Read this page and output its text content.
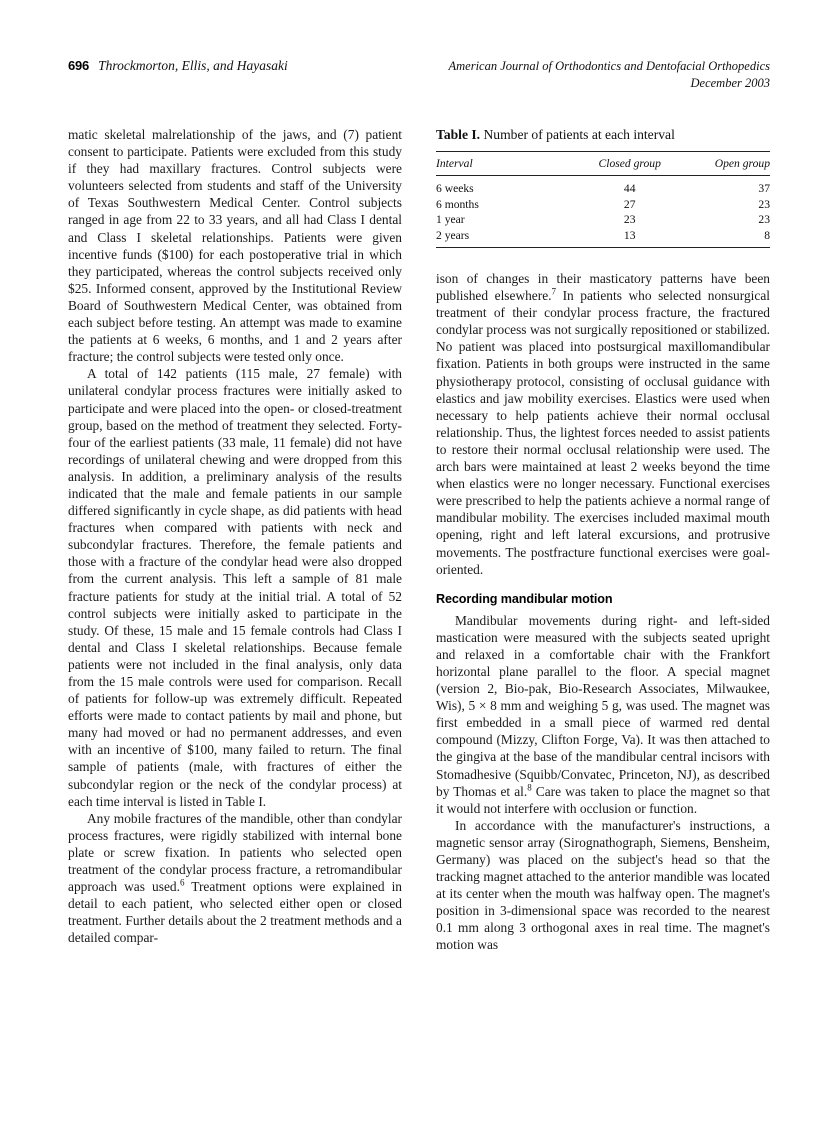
696 Throckmorton, Ellis, and Hayasaki	American Journal of Orthodontics and Dentofacial Orthopedics
December 2003

matic skeletal malrelationship of the jaws, and (7) patient consent to participate. Patients were excluded from this study if they had maxillary fractures. Control subjects were volunteers selected from students and staff of the University of Texas Southwestern Medical Center. Control subjects ranged in age from 22 to 33 years, and all had Class I dental and Class I skeletal relationships. Patients were given incentive funds ($100) for each postoperative trial in which they participated, whereas the control subjects received only $25. Informed consent, approved by the Institutional Review Board of Southwestern Medical Center, was obtained from each subject before testing. An attempt was made to examine the patients at 6 weeks, 6 months, and 1 and 2 years after fracture; the control subjects were tested only once.

A total of 142 patients (115 male, 27 female) with unilateral condylar process fractures were initially asked to participate and were placed into the open- or closed-treatment group, based on the method of treatment they selected. Forty-four of the earliest patients (33 male, 11 female) did not have recordings of unilateral chewing and were dropped from this analysis. In addition, a preliminary analysis of the results indicated that the male and female patients in our sample differed significantly in cycle shape, as did patients with head fractures when compared with patients with neck and subcondylar fractures. Therefore, the female patients and those with a fracture of the condylar head were also dropped from the current analysis. This left a sample of 81 male fracture patients for study at the initial trial. A total of 52 control subjects were initially asked to participate in the study. Of these, 15 male and 15 female controls had Class I dental and Class I skeletal relationships. Because female patients were not included in the final analysis, only data from the 15 male controls were used for comparison. Recall of patients for follow-up was extremely difficult. Repeated efforts were made to contact patients by mail and phone, but many had moved or had no permanent addresses, and even with an incentive of $100, many failed to return. The final sample of patients (male, with fractures of either the subcondylar region or the neck of the condylar process) at each time interval is listed in Table I.

Any mobile fractures of the mandible, other than condylar process fractures, were rigidly stabilized with internal bone plate or screw fixation. In patients who selected open treatment of the condylar process fracture, a retromandibular approach was used.$^6$ Treatment options were explained in detail to each patient, who selected either open or closed treatment. Further details about the 2 treatment methods and a detailed compar-

Table I. Number of patients at each interval
Interval	Closed group	Open group
6 weeks	44	37
6 months	27	23
1 year	23	23
2 years	13	8

ison of changes in their masticatory patterns have been published elsewhere.$^7$ In patients who selected nonsurgical treatment of their condylar process fracture, the fractured condylar process was not surgically repositioned or stabilized. No patient was placed into postsurgical maxillomandibular fixation. Patients in both groups were instructed in the same physiotherapy protocol, consisting of occlusal guidance with elastics and jaw mobility exercises. Elastics were used when necessary to help patients achieve their normal occlusal relationship. Thus, the lightest forces needed to assist patients to restore their normal occlusal relationship were used. The arch bars were maintained at least 2 weeks beyond the time when elastics were no longer necessary. Functional exercises were prescribed to help the patients achieve a normal range of mandibular mobility. The exercises included maximal mouth opening, right and left lateral excursions, and protrusive movements. The postfracture functional exercises were goal-oriented.

Recording mandibular motion

Mandibular movements during right- and left-sided mastication were measured with the subjects seated upright and relaxed in a comfortable chair with the Frankfort horizontal plane parallel to the floor. A special magnet (version 2, Bio-pak, Bio-Research Associates, Milwaukee, Wis), 5 × 8 mm and weighing 5 g, was used. The magnet was first embedded in a small piece of warmed red dental compound (Mizzy, Clifton Forge, Va). It was then attached to the gingiva at the base of the mandibular central incisors with Stomadhesive (Squibb/Convatec, Princeton, NJ), as described by Thomas et al.$^8$ Care was taken to place the magnet so that it would not interfere with occlusion or function.

In accordance with the manufacturer's instructions, a magnetic sensor array (Sirognathograph, Siemens, Bensheim, Germany) was placed on the subject's head so that the tracking magnet attached to the anterior mandible was located at its center when the mouth was halfway open. The magnet's position in 3-dimensional space was recorded to the nearest 0.1 mm along 3 orthogonal axes in real time. The magnet's motion was
